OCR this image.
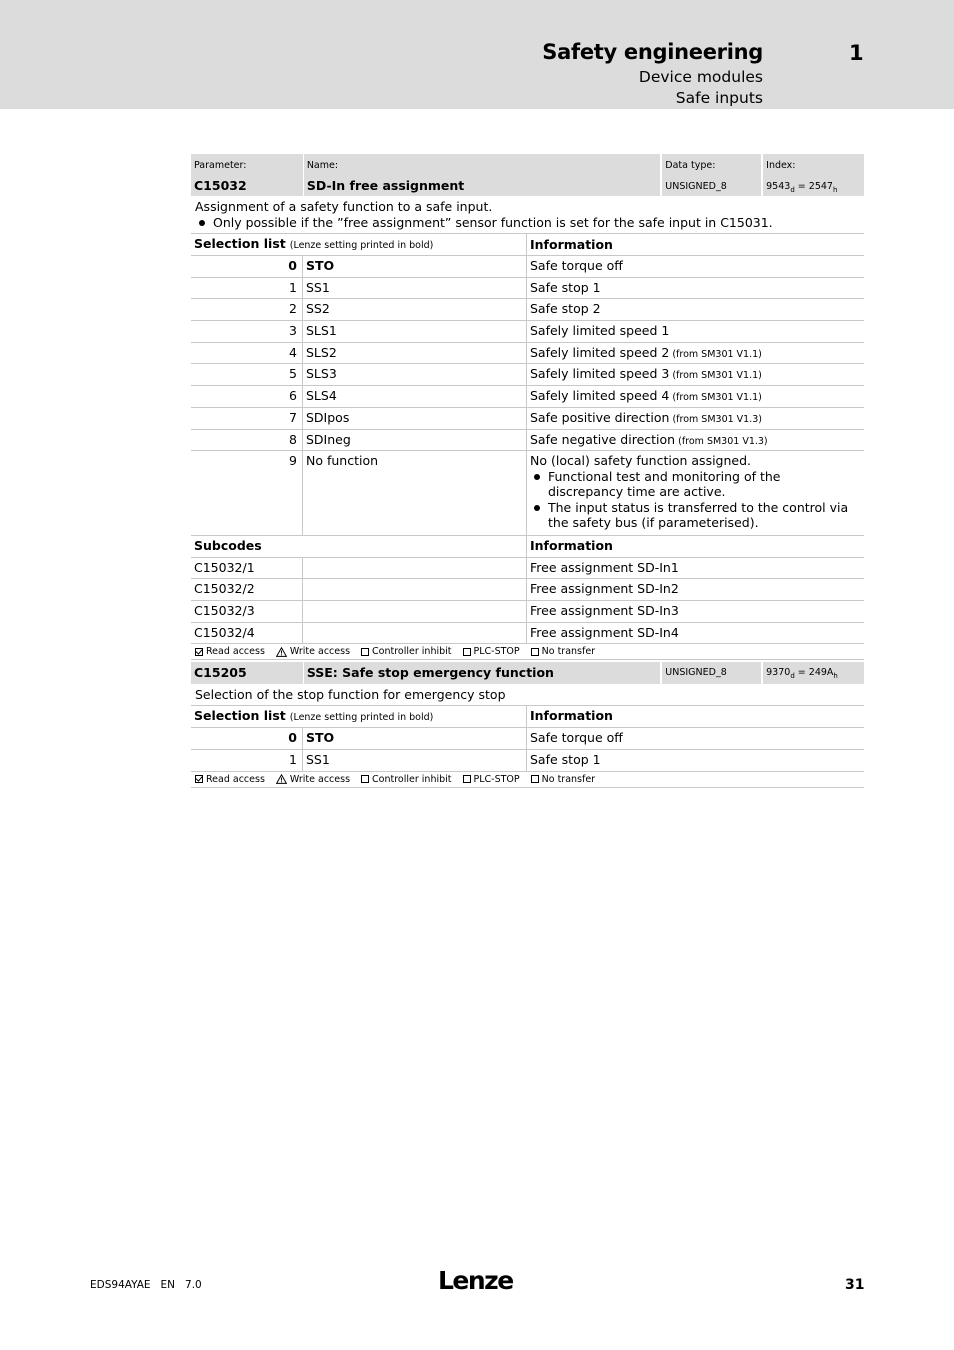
Safety engineering	1
Device modules
Safe inputs
Parameter:
C15032
Name:
SD-In free assignment
Data type:
UNSIGNED_8
Index:
$9543_d = 2547_h$
Assignment of a safety function to a safe input.
Only possible if the ”free assignment” sensor function is set for the safe input in C15031.
Selection list (Lenze setting printed in bold)	Information
0 STO	Safe torque off
1 SS1	Safe stop 1
2 SS2	Safe stop 2
3 SLS1	Safely limited speed 1
4 SLS2	Safely limited speed 2 (from SM301 V1.1)
5 SLS3	Safely limited speed 3 (from SM301 V1.1)
6 SLS4	Safely limited speed 4 (from SM301 V1.1)
7 SDIpos	Safe positive direction (from SM301 V1.3)
8 SDIneg	Safe negative direction (from SM301 V1.3)
9 No function	No (local) safety function assigned.
Functional test and monitoring of the discrepancy time are active.
The input status is transferred to the control via the safety bus (if parameterised).
Subcodes	Information
C15032/1	Free assignment SD-In1
C15032/2	Free assignment SD-In2
C15032/3	Free assignment SD-In3
C15032/4	Free assignment SD-In4
Read access	Write access Controller inhibit PLC-STOP No transfer
C15205	SSE: Safe stop emergency function	UNSIGNED_8	$9370_d = 249A_h$
Selection of the stop function for emergency stop
Selection list (Lenze setting printed in bold)	Information
0 STO	Safe torque off
1 SS1	Safe stop 1
Read access	Write access Controller inhibit PLC-STOP No transfer
EDS94AYAE   EN   7.0	Lenze	31
